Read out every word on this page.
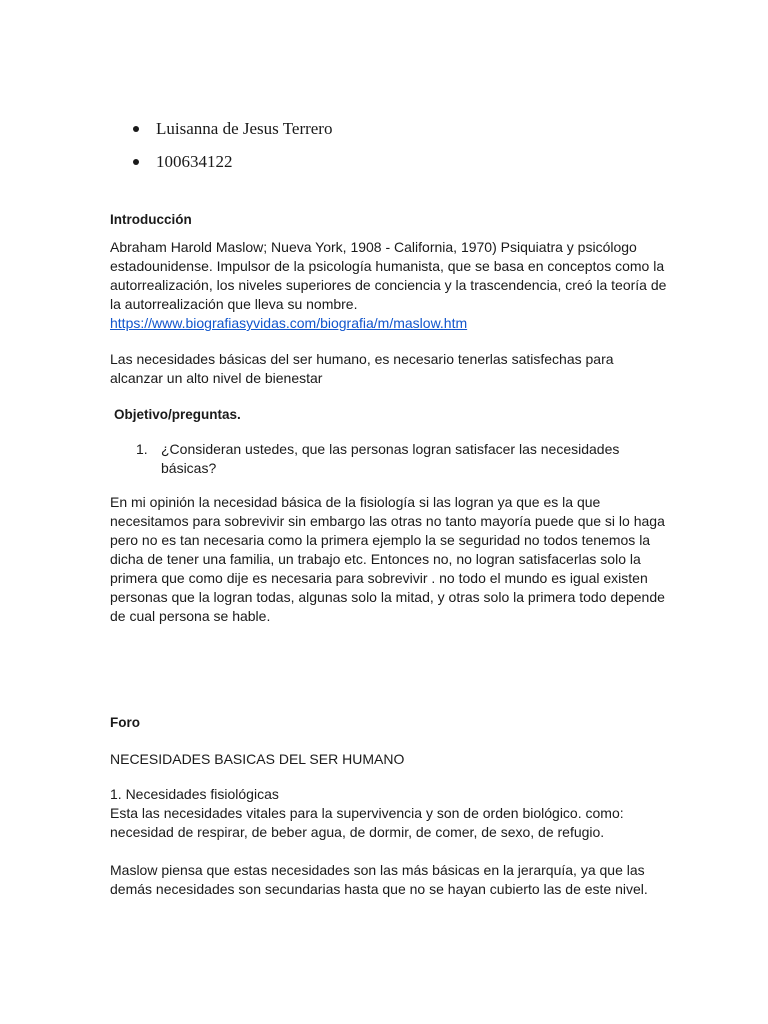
Luisanna de Jesus Terrero
100634122
Introducción
Abraham Harold Maslow; Nueva York, 1908 - California, 1970) Psiquiatra y psicólogo estadounidense. Impulsor de la psicología humanista, que se basa en conceptos como la autorrealización, los niveles superiores de conciencia y la trascendencia, creó la teoría de la autorrealización que lleva su nombre. https://www.biografiasyvidas.com/biografia/m/maslow.htm
Las necesidades básicas del ser humano, es necesario tenerlas satisfechas para alcanzar un alto nivel de bienestar
Objetivo/preguntas.
1. ¿Consideran ustedes, que las personas logran satisfacer las necesidades básicas?
En mi opinión la necesidad básica de la fisiología si las logran ya que es la que necesitamos para sobrevivir sin embargo las otras no tanto mayoría puede que si lo haga pero no es tan necesaria como la primera ejemplo la se seguridad no todos tenemos la dicha de tener una familia, un trabajo etc. Entonces no, no logran satisfacerlas solo la primera que como dije es necesaria para sobrevivir . no todo el mundo es igual existen personas que la logran todas, algunas solo la mitad, y otras solo la primera todo depende de cual persona se hable.
Foro
NECESIDADES BASICAS DEL SER HUMANO

1. Necesidades fisiológicas

Esta las necesidades vitales para la supervivencia y son de orden biológico. como: necesidad de respirar, de beber agua, de dormir, de comer, de sexo, de refugio.

Maslow piensa que estas necesidades son las más básicas en la jerarquía, ya que las demás necesidades son secundarias hasta que no se hayan cubierto las de este nivel.
